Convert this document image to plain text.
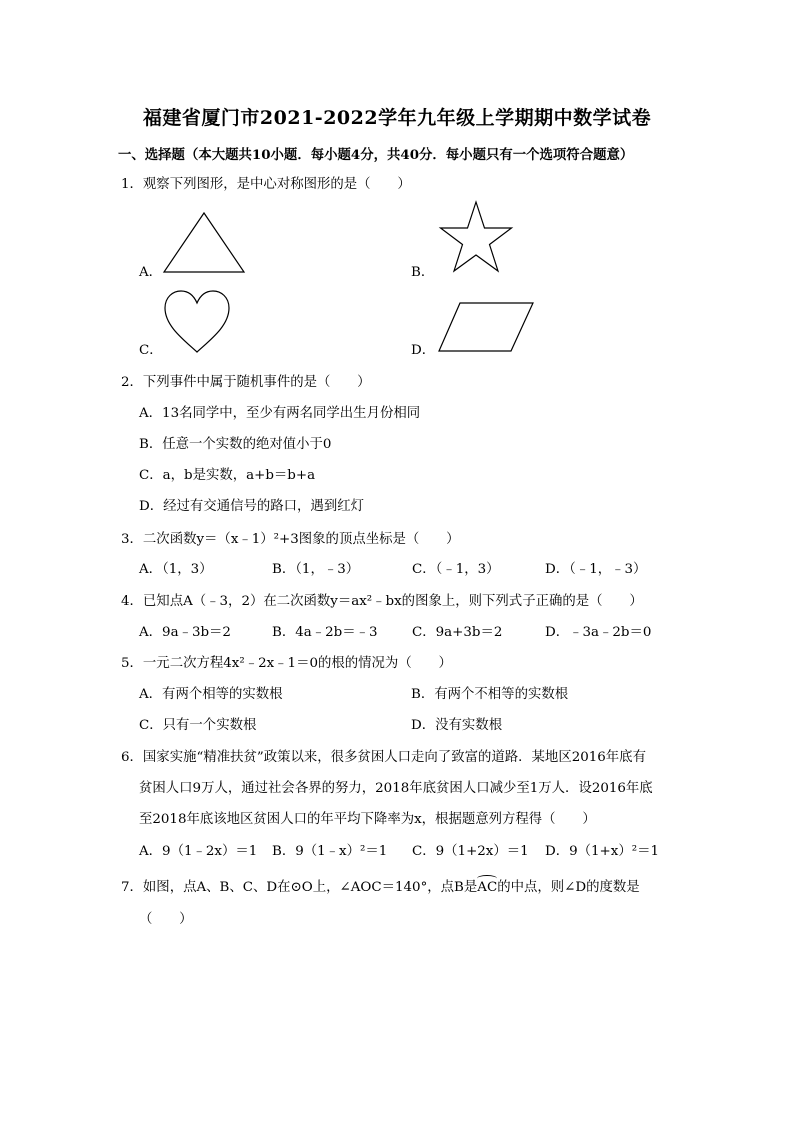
福建省厦门市2021-2022学年九年级上学期期中数学试卷
一、选择题（本大题共10小题．每小题4分，共40分．每小题只有一个选项符合题意）
1．观察下列图形，是中心对称图形的是（　　）
A．	B．
C．	D．
2．下列事件中属于随机事件的是（　　）
A．13名同学中，至少有两名同学出生月份相同
B．任意一个实数的绝对值小于0
C．a，b是实数，a+b＝b+a
D．经过有交通信号的路口，遇到红灯
3．二次函数y＝（x﹣1）²+3图象的顶点坐标是（　　）
A．（1，3）	B．（1，﹣3）	C．（﹣1，3）	D．（﹣1，﹣3）
4．已知点A（﹣3，2）在二次函数y＝ax²﹣bx的图象上，则下列式子正确的是（　　）
A．9a﹣3b＝2	B．4a﹣2b＝﹣3	C．9a+3b＝2	D．﹣3a﹣2b＝0
5．一元二次方程4x²﹣2x﹣1＝0的根的情况为（　　）
A．有两个相等的实数根	B．有两个不相等的实数根
C．只有一个实数根	D．没有实数根
6．国家实施“精准扶贫”政策以来，很多贫困人口走向了致富的道路．某地区2016年底有
贫困人口9万人，通过社会各界的努力，2018年底贫困人口减少至1万人．设2016年底
至2018年底该地区贫困人口的年平均下降率为x，根据题意列方程得（　　）
A．9（1﹣2x）＝1 B．9（1﹣x）²＝1 C．9（1+2x）＝1 D．9（1+x）²＝1
7．如图，点A、B、C、D在⊙O上，∠AOC＝140°，点B是AC的中点，则∠D的度数是
（　　）
